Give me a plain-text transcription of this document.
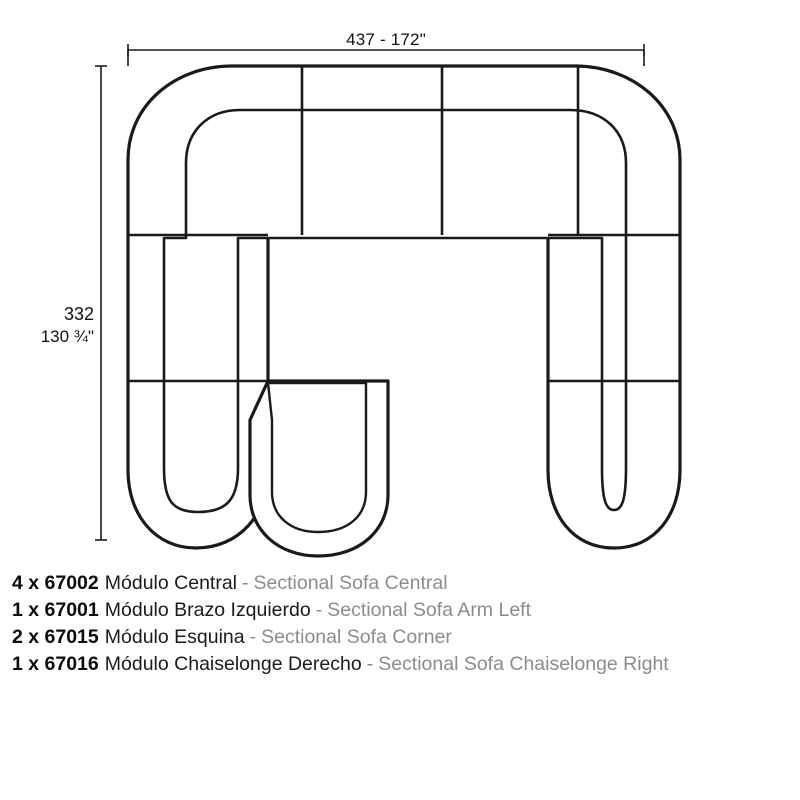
437 - 172"
332
130 ¾"
4 x 67002 Módulo Central - Sectional Sofa Central
1 x 67001 Módulo Brazo Izquierdo - Sectional Sofa Arm Left
2 x 67015 Módulo Esquina - Sectional Sofa Corner
1 x 67016 Módulo Chaiselonge Derecho - Sectional Sofa Chaiselonge Right
